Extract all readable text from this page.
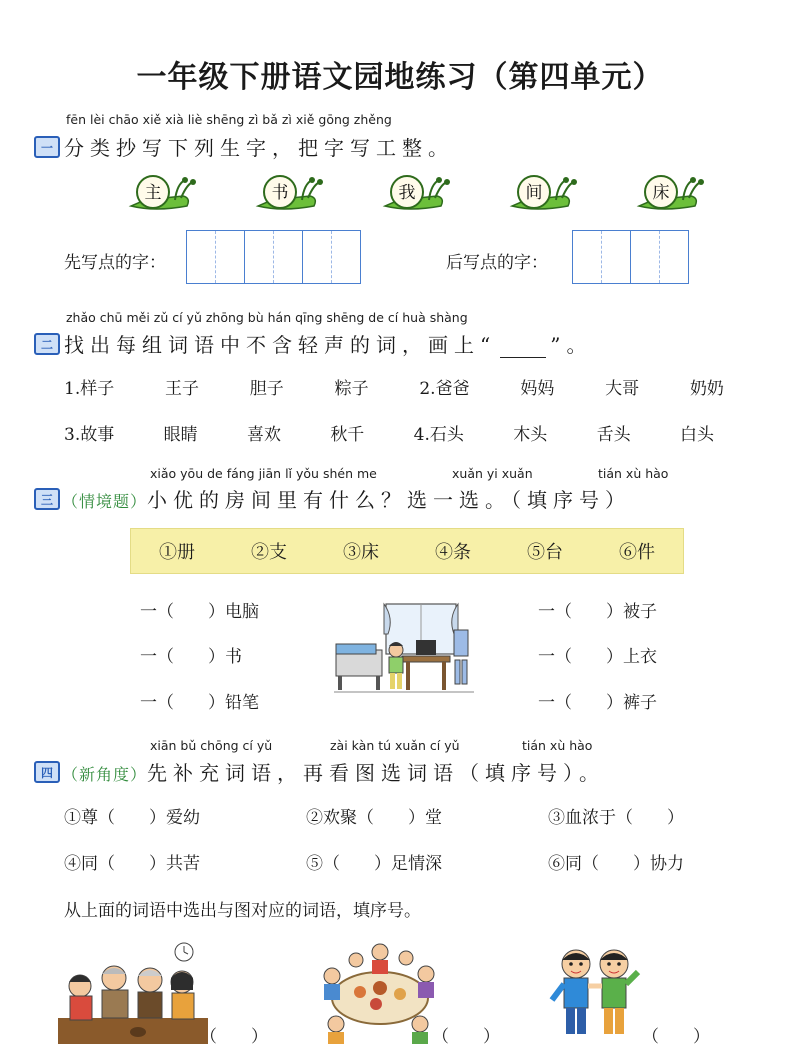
一年级下册语文园地练习（第四单元）
fēn lèi chāo xiě xià liè shēng zì bǎ zì xiě gōng zhěng
一 分类抄写下列生字，把字写工整。
主	书	我	间	床
先写点的字：	后写点的字：
zhǎo chū měi zǔ cí yǔ zhōng bù hán qīng shēng de cí huà shàng
二 找出每组词语中不含轻声的词，画上“	”。
1.样子	王子	胆子	粽子	2.爸爸	妈妈	大哥	奶奶
3.故事	眼睛	喜欢	秋千	4.石头	木头	舌头	白头
xiǎo yōu de fáng jiān lǐ yǒu shén me	xuǎn yi xuǎn	tián xù hào
三 （情境题）小优的房间里有什么？选一选。（填序号）
①册	②支	③床	④条	⑤台	⑥件
一（　　）电脑
一（　　）书
一（　　）铅笔
一（　　）被子
一（　　）上衣
一（　　）裤子
xiān bǔ chōng cí yǔ	zài kàn tú xuǎn cí yǔ	tián xù hào
四 （新角度）先补充词语，再看图选词语（填序号）。
①尊（　　）爱幼	②欢聚（　　）堂	③血浓于（　　）
④同（　　）共苦	⑤（　　）足情深	⑥同（　　）协力
从上面的词语中选出与图对应的词语，填序号。
（　　）	（　　）	（　　）
